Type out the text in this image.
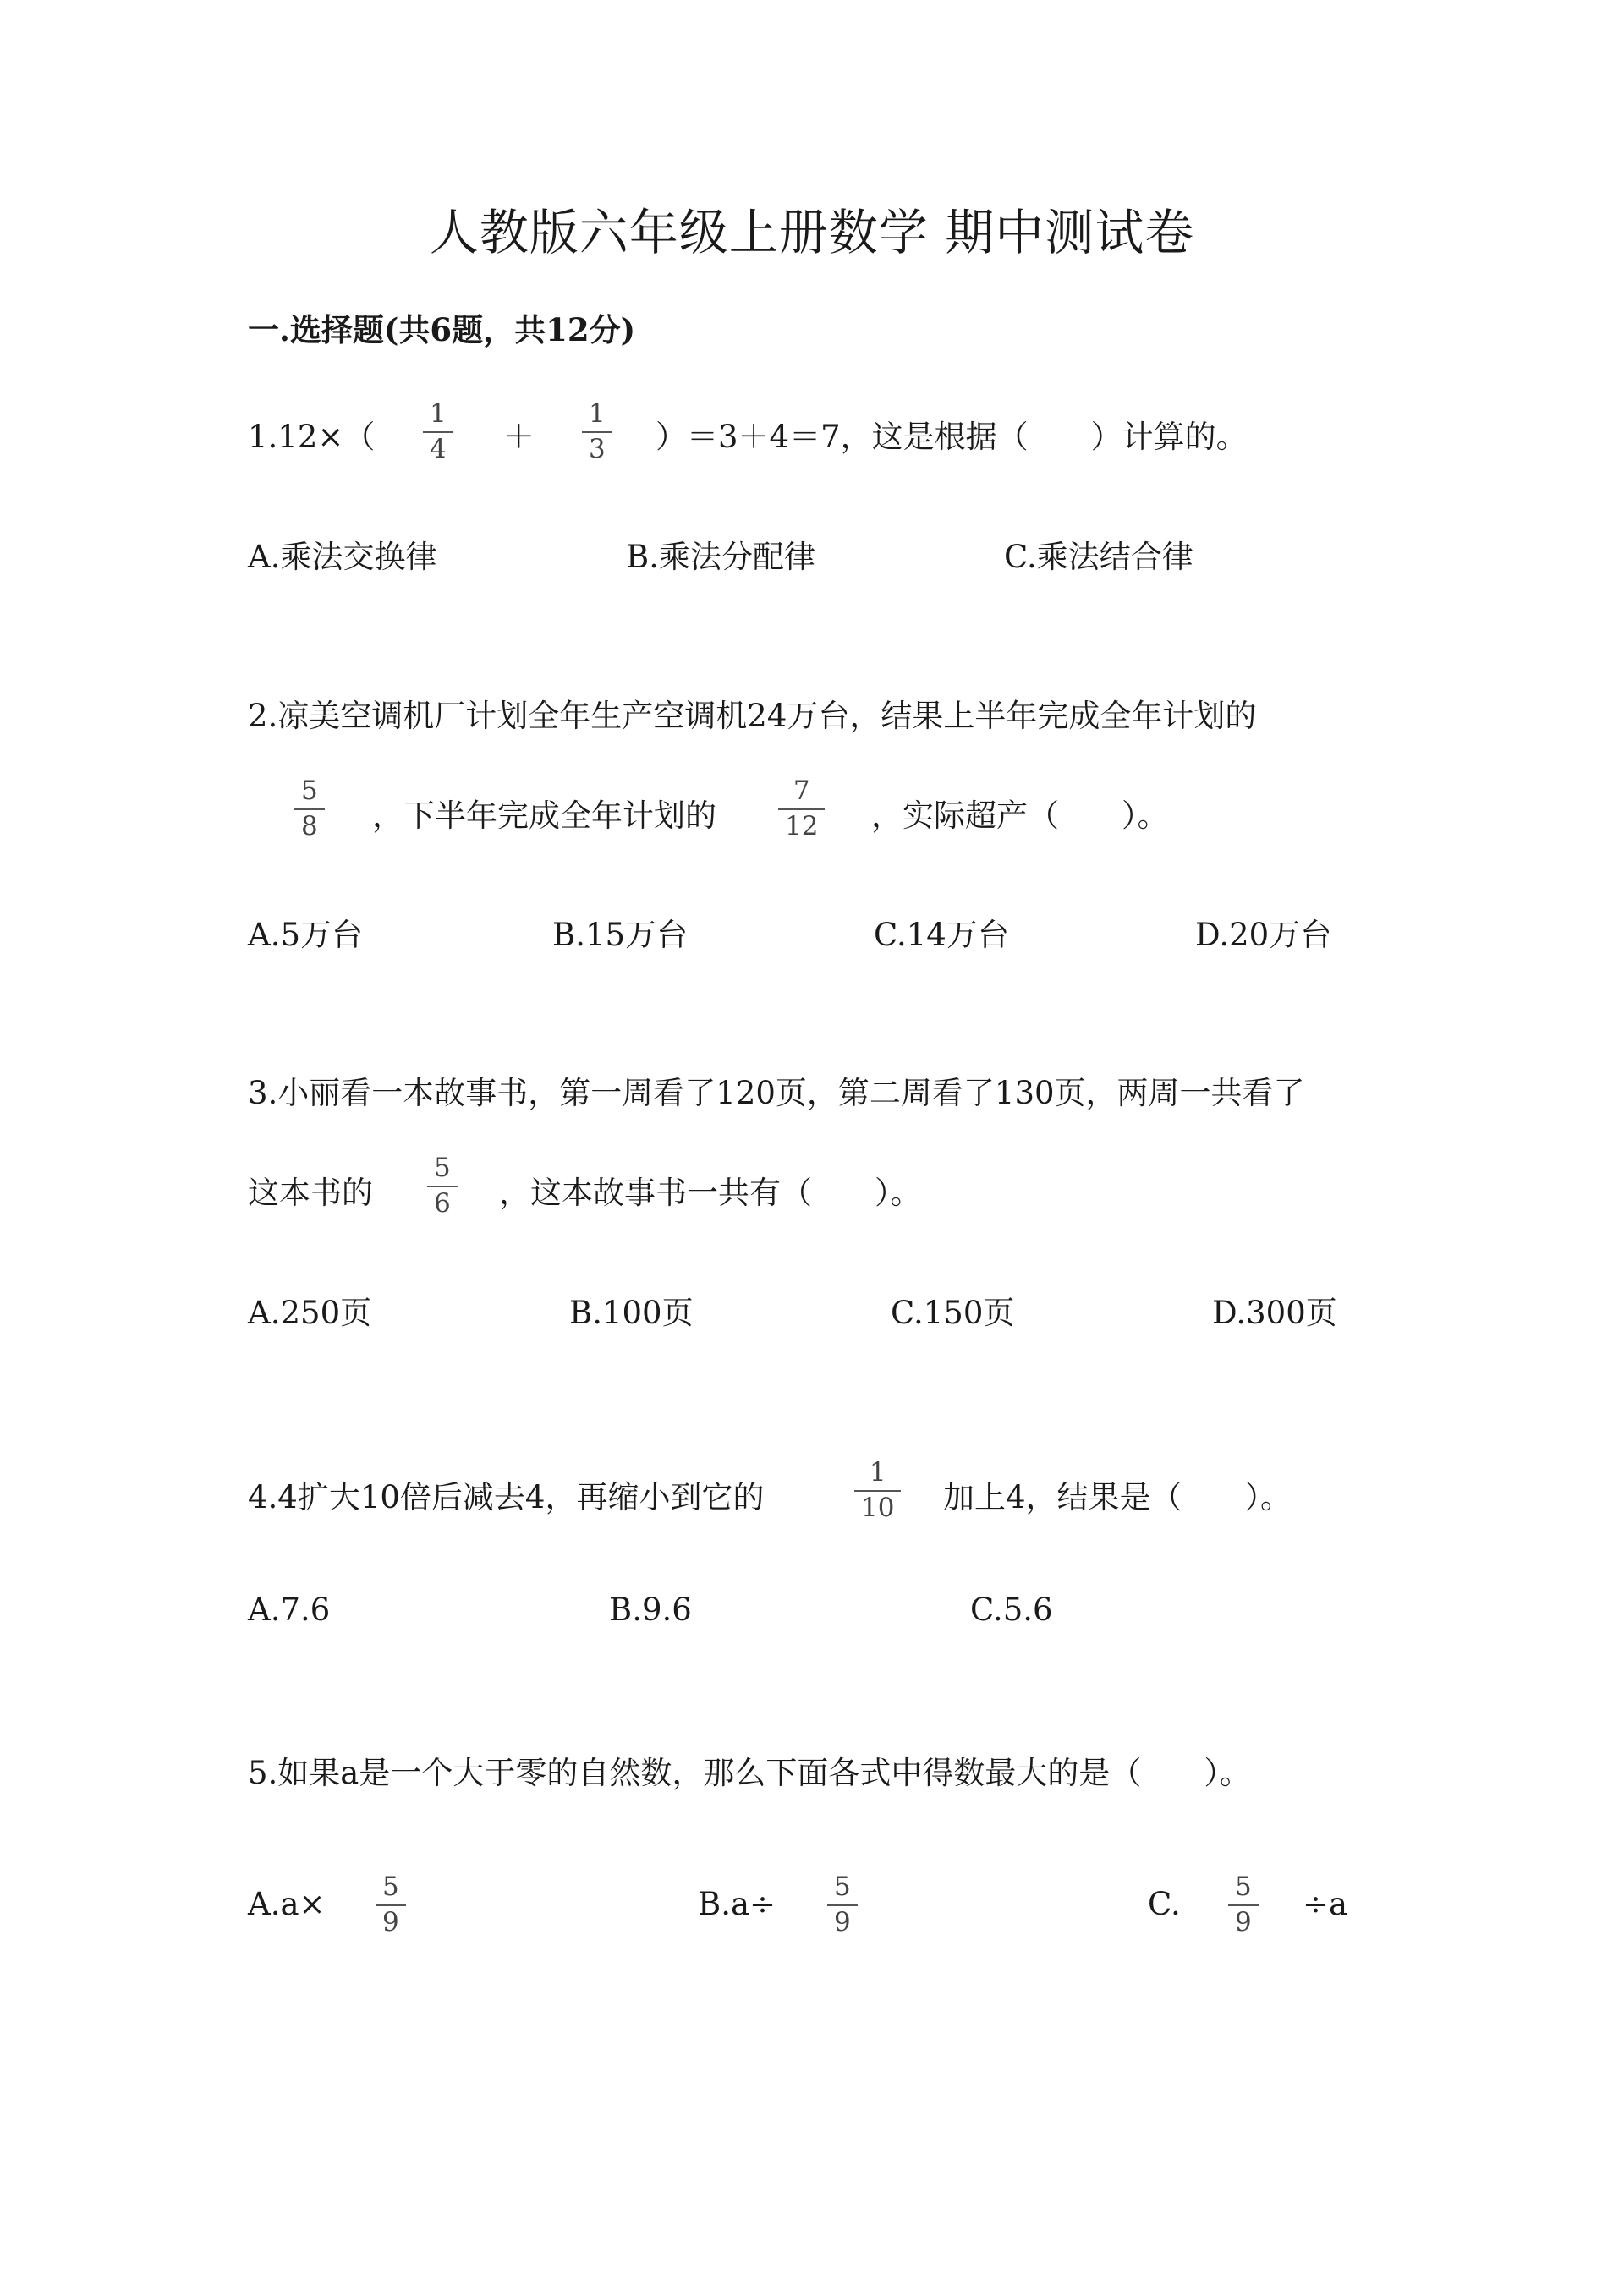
人教版六年级上册数学 期中测试卷
一.选择题(共6题，共12分)
1.12×（
1
4 ＋
1
3 ）＝3＋4＝7，这是根据（　　）计算的。
A.乘法交换律	B.乘法分配律	C.乘法结合律
2.凉美空调机厂计划全年生产空调机24万台，结果上半年完成全年计划的
5
8 ，下半年完成全年计划的
7
12 ，实际超产（　　）。
A.5万台	B.15万台	C.14万台	D.20万台
3.小丽看一本故事书，第一周看了120页，第二周看了130页，两周一共看了
这本书的
5
6 ，这本故事书一共有（　　）。
A.250页	B.100页	C.150页	D.300页
4.4扩大10倍后减去4，再缩小到它的
1
10 加上4，结果是（　　）。
A.7.6	B.9.6	C.5.6
5.如果a是一个大于零的自然数，那么下面各式中得数最大的是（　　）。
A.a× 5
9	B.a÷ 5
9	C. 5
9 ÷a
